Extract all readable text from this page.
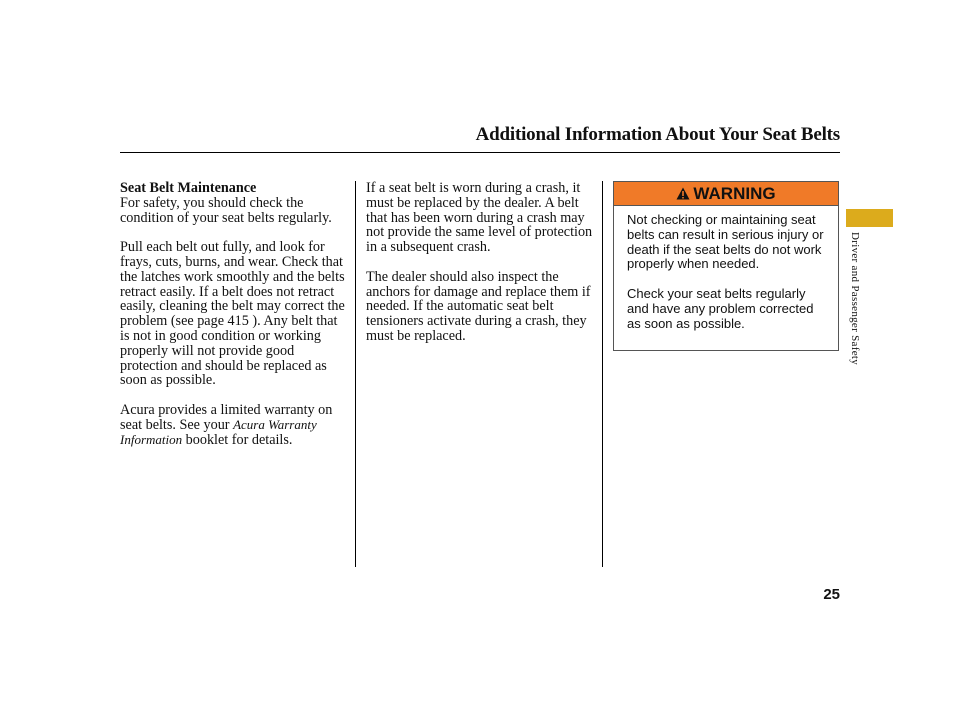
Additional Information About Your Seat Belts

Seat Belt Maintenance
For safety, you should check the condition of your seat belts regularly.

Pull each belt out fully, and look for frays, cuts, burns, and wear. Check that the latches work smoothly and the belts retract easily. If a belt does not retract easily, cleaning the belt may correct the problem (see page 415 ). Any belt that is not in good condition or working properly will not provide good protection and should be replaced as soon as possible.

Acura provides a limited warranty on seat belts. See your Acura Warranty Information booklet for details.

If a seat belt is worn during a crash, it must be replaced by the dealer. A belt that has been worn during a crash may not provide the same level of protection in a subsequent crash.

The dealer should also inspect the anchors for damage and replace them if needed. If the automatic seat belt tensioners activate during a crash, they must be replaced.

WARNING

Not checking or maintaining seat belts can result in serious injury or death if the seat belts do not work properly when needed.

Check your seat belts regularly and have any problem corrected as soon as possible.	Driver and Passenger Safety
25
